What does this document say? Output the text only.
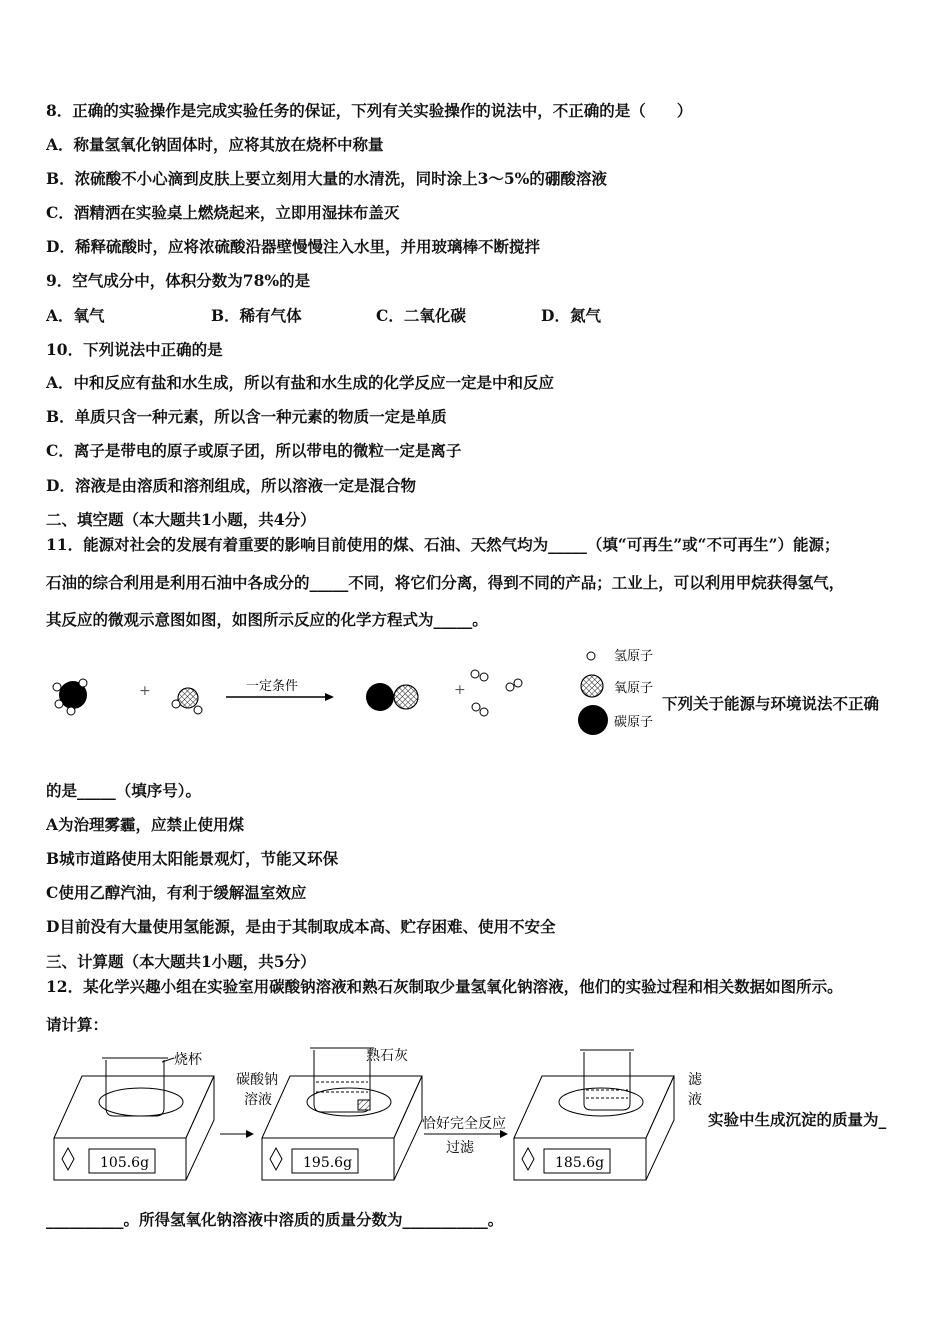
8．正确的实验操作是完成实验任务的保证，下列有关实验操作的说法中，不正确的是（　　）
A．称量氢氧化钠固体时，应将其放在烧杯中称量
B．浓硫酸不小心滴到皮肤上要立刻用大量的水清洗，同时涂上3～5%的硼酸溶液
C．酒精洒在实验桌上燃烧起来，立即用湿抹布盖灭
D．稀释硫酸时，应将浓硫酸沿器壁慢慢注入水里，并用玻璃棒不断搅拌
9．空气成分中，体积分数为78%的是
A．氧气	B．稀有气体	C．二氧化碳	D．氮气
10．下列说法中正确的是
A．中和反应有盐和水生成，所以有盐和水生成的化学反应一定是中和反应
B．单质只含一种元素，所以含一种元素的物质一定是单质
C．离子是带电的原子或原子团，所以带电的微粒一定是离子
D．溶液是由溶质和溶剂组成，所以溶液一定是混合物
二、填空题（本大题共1小题，共4分）
11．能源对社会的发展有着重要的影响目前使用的煤、石油、天然气均为_____（填“可再生”或“不可再生”）能源；
石油的综合利用是利用石油中各成分的_____不同，将它们分离，得到不同的产品；工业上，可以利用甲烷获得氢气，
其反应的微观示意图如图，如图所示反应的化学方程式为_____。
+	一定条件	+
氢原子
氧原子
碳原子
下列关于能源与环境说法不正确
的是_____（填序号）。
A为治理雾霾，应禁止使用煤
B城市道路使用太阳能景观灯，节能又环保
C使用乙醇汽油，有利于缓解温室效应
D目前没有大量使用氢能源，是由于其制取成本高、贮存困难、使用不安全
三、计算题（本大题共1小题，共5分）
12．某化学兴趣小组在实验室用碳酸钠溶液和熟石灰制取少量氢氧化钠溶液，他们的实验过程和相关数据如图所示。
请计算：
105.6g
烧杯
195.6g
碳酸钠
溶液
熟石灰
恰好完全反应
过滤
185.6g
滤
液
实验中生成沉淀的质量为_
__________。所得氢氧化钠溶液中溶质的质量分数为___________。
